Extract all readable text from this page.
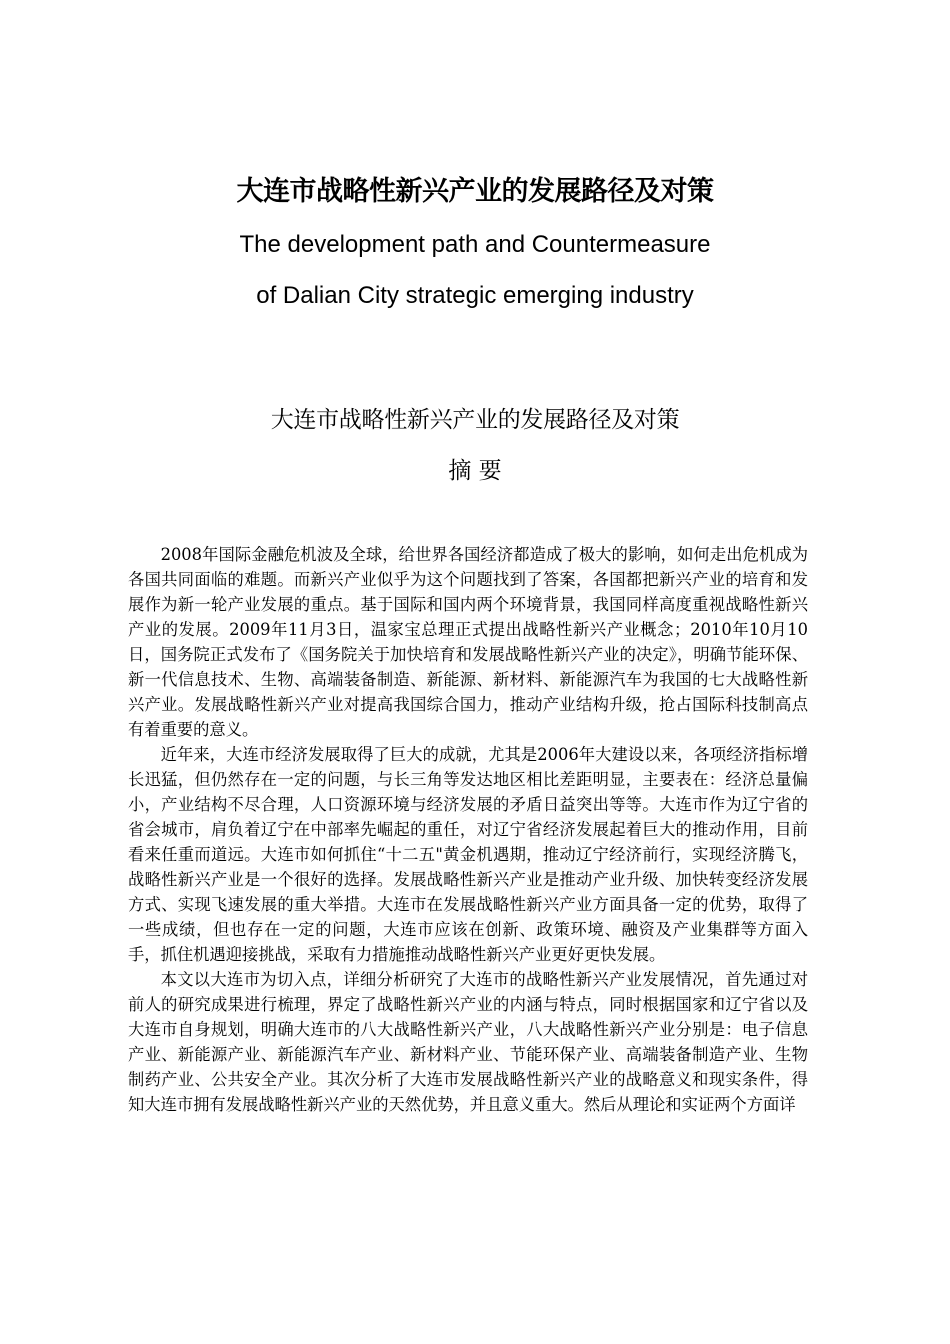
大连市战略性新兴产业的发展路径及对策
The development path and Countermeasure
of Dalian City strategic emerging industry
大连市战略性新兴产业的发展路径及对策
摘 要

2008年国际金融危机波及全球，给世界各国经济都造成了极大的影响，如何走出危机成为各国共同面临的难题。而新兴产业似乎为这个问题找到了答案，各国都把新兴产业的培育和发展作为新一轮产业发展的重点。基于国际和国内两个环境背景，我国同样高度重视战略性新兴产业的发展。2009年11月3日，温家宝总理正式提出战略性新兴产业概念；2010年10月10日，国务院正式发布了《国务院关于加快培育和发展战略性新兴产业的决定》，明确节能环保、新一代信息技术、生物、高端装备制造、新能源、新材料、新能源汽车为我国的七大战略性新兴产业。发展战略性新兴产业对提高我国综合国力，推动产业结构升级，抢占国际科技制高点有着重要的意义。

近年来，大连市经济发展取得了巨大的成就，尤其是2006年大建设以来，各项经济指标增长迅猛，但仍然存在一定的问题，与长三角等发达地区相比差距明显，主要表在：经济总量偏小，产业结构不尽合理，人口资源环境与经济发展的矛盾日益突出等等。大连市作为辽宁省的省会城市，肩负着辽宁在中部率先崛起的重任，对辽宁省经济发展起着巨大的推动作用，目前看来任重而道远。大连市如何抓住“十二五"黄金机遇期，推动辽宁经济前行，实现经济腾飞，战略性新兴产业是一个很好的选择。发展战略性新兴产业是推动产业升级、加快转变经济发展方式、实现飞速发展的重大举措。大连市在发展战略性新兴产业方面具备一定的优势，取得了一些成绩，但也存在一定的问题，大连市应该在创新、政策环境、融资及产业集群等方面入手，抓住机遇迎接挑战，采取有力措施推动战略性新兴产业更好更快发展。

本文以大连市为切入点，详细分析研究了大连市的战略性新兴产业发展情况，首先通过对前人的研究成果进行梳理，界定了战略性新兴产业的内涵与特点，同时根据国家和辽宁省以及大连市自身规划，明确大连市的八大战略性新兴产业，八大战略性新兴产业分别是：电子信息产业、新能源产业、新能源汽车产业、新材料产业、节能环保产业、高端装备制造产业、生物制药产业、公共安全产业。其次分析了大连市发展战略性新兴产业的战略意义和现实条件，得知大连市拥有发展战略性新兴产业的天然优势，并且意义重大。然后从理论和实证两个方面详
